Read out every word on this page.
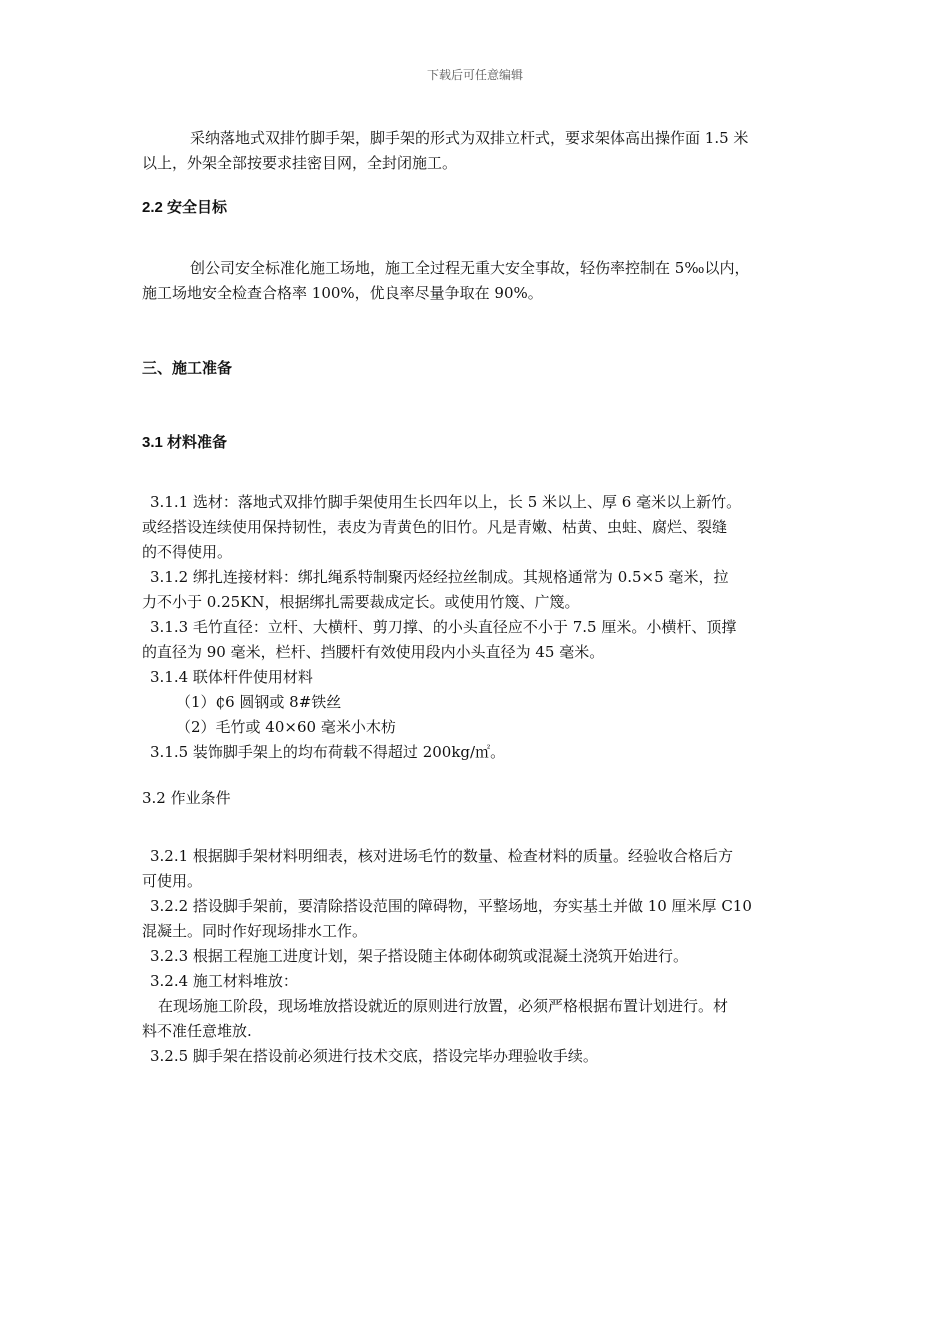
下载后可任意编辑
采纳落地式双排竹脚手架，脚手架的形式为双排立杆式，要求架体高出操作面 1.5 米
以上，外架全部按要求挂密目网，全封闭施工。
2.2 安全目标
创公司安全标准化施工场地，施工全过程无重大安全事故，轻伤率控制在 5‰以内，
施工场地安全检查合格率 100%，优良率尽量争取在 90%。
三、施工准备
3.1 材料准备
3.1.1 选材：落地式双排竹脚手架使用生长四年以上，长 5 米以上、厚 6 毫米以上新竹。
或经搭设连续使用保持韧性，表皮为青黄色的旧竹。凡是青嫩、枯黄、虫蛀、腐烂、裂缝
的不得使用。
3.1.2 绑扎连接材料：绑扎绳系特制聚丙烃经拉丝制成。其规格通常为 0.5×5 毫米，拉
力不小于 0.25KN，根据绑扎需要裁成定长。或使用竹篾、广篾。
3.1.3 毛竹直径：立杆、大横杆、剪刀撑、的小头直径应不小于 7.5 厘米。小横杆、顶撑
的直径为 90 毫米，栏杆、挡腰杆有效使用段内小头直径为 45 毫米。
3.1.4 联体杆件使用材料
（1）₵6 圆钢或 8#铁丝
（2）毛竹或 40×60 毫米小木枋
3.1.5 装饰脚手架上的均布荷载不得超过 200kg/㎡。
3.2 作业条件
3.2.1 根据脚手架材料明细表，核对进场毛竹的数量、检查材料的质量。经验收合格后方
可使用。
3.2.2 搭设脚手架前，要清除搭设范围的障碍物，平整场地，夯实基土并做 10 厘米厚 C10
混凝土。同时作好现场排水工作。
3.2.3 根据工程施工进度计划，架子搭设随主体砌体砌筑或混凝土浇筑开始进行。
3.2.4 施工材料堆放：
在现场施工阶段，现场堆放搭设就近的原则进行放置，必须严格根据布置计划进行。材
料不准任意堆放.
3.2.5 脚手架在搭设前必须进行技术交底，搭设完毕办理验收手续。
